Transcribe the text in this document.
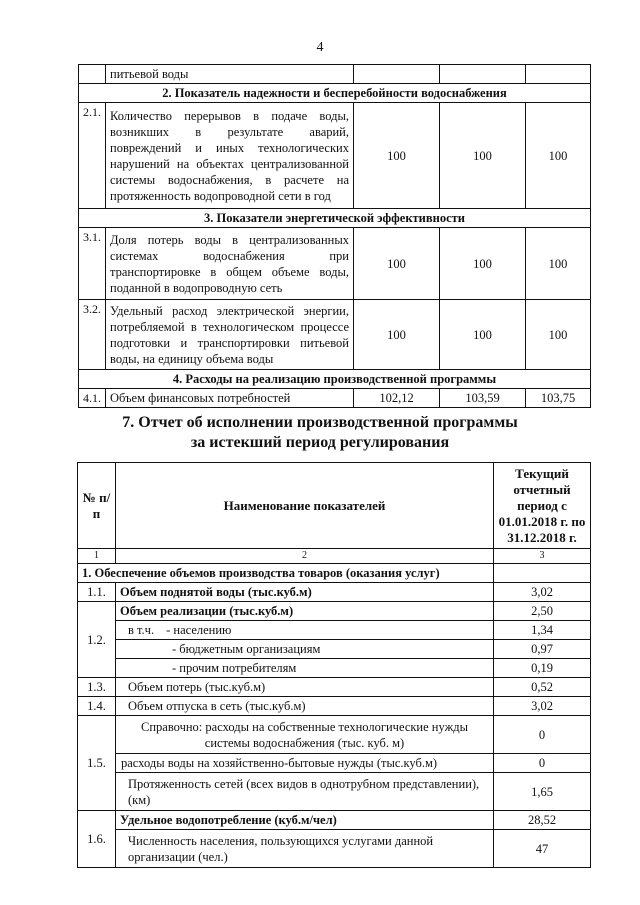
4
	питьевой воды			
2. Показатель надежности и бесперебойности водоснабжения				
2.1.	Количество перерывов в подаче воды, возникших в результате аварий, повреждений и иных технологических нарушений на объектах централизованной системы водоснабжения, в расчете на протяженность водопроводной сети в год	100	100	100
3. Показатели энергетической эффективности				
3.1.	Доля потерь воды в централизованных системах водоснабжения при транспортировке в общем объеме воды, поданной в водопроводную сеть	100	100	100
3.2.	Удельный расход электрической энергии, потребляемой в технологическом процессе подготовки и транспортировки питьевой воды, на единицу объема воды	100	100	100
4. Расходы на реализацию производственной программы				
4.1.	Объем финансовых потребностей	102,12	103,59	103,75
7. Отчет об исполнении производственной программы
за истекший период регулирования
№ п/п	Наименование показателей	Текущий отчетный период с 01.01.2018 г. по 31.12.2018 г.
1	2	3
1. Обеспечение объемов производства товаров (оказания услуг)		
1.1.	Объем поднятой воды (тыс.куб.м)	3,02
1.2.	Объем реализации (тыс.куб.м)	2,50
	в т.ч. - населению	1,34
	- бюджетным организациям	0,97
	- прочим потребителям	0,19
1.3.	Объем потерь (тыс.куб.м)	0,52
1.4.	Объем отпуска в сеть (тыс.куб.м)	3,02
1.5.	Справочно: расходы на собственные технологические нужды системы водоснабжения (тыс. куб. м)	0
	расходы воды на хозяйственно-бытовые нужды (тыс.куб.м)	0
	Протяженность сетей (всех видов в однотрубном представлении), (км)	1,65
1.6.	Удельное водопотребление (куб.м/чел)	28,52
	Численность населения, пользующихся услугами данной организации (чел.)	47
